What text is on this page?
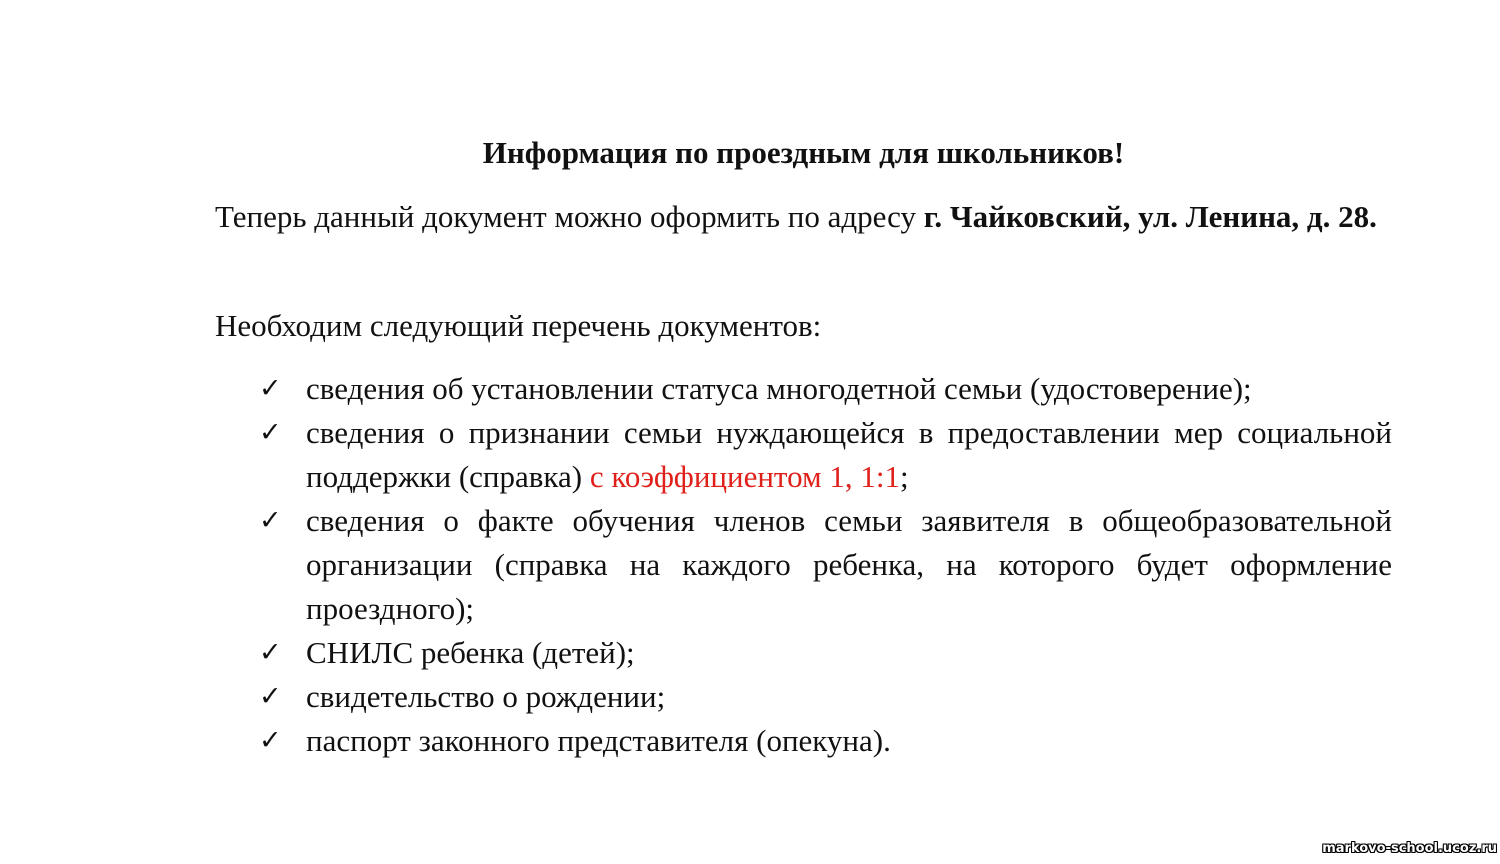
Информация по проездным для школьников!

Теперь данный документ можно оформить по адресу г. Чайковский, ул. Ленина, д. 28.

Необходим следующий перечень документов:

✓ сведения об установлении статуса многодетной семьи (удостоверение);
✓ сведения о признании семьи нуждающейся в предоставлении мер социальной поддержки (справка) с коэффициентом 1, 1:1;
✓ сведения о факте обучения членов семьи заявителя в общеобразовательной организации (справка на каждого ребенка, на которого будет оформление проездного);
✓ СНИЛС ребенка (детей);
✓ свидетельство о рождении;
✓ паспорт законного представителя (опекуна).
markovo-school.ucoz.ru
